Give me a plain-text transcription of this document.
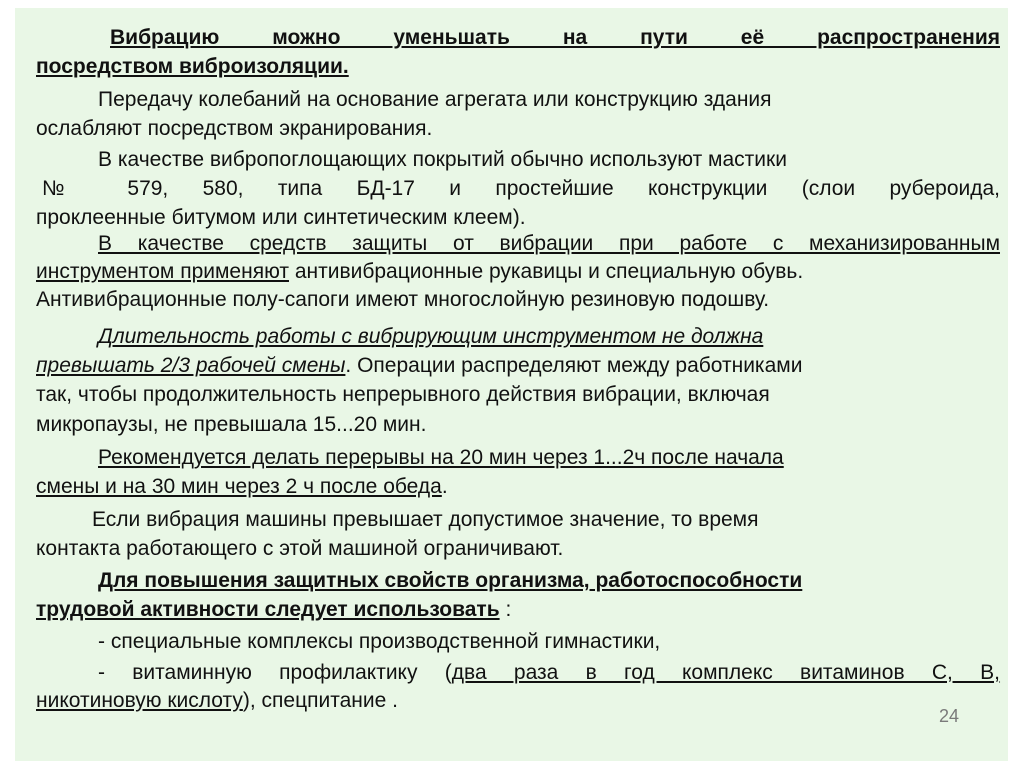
Вибрацию можно уменьшать на пути её распространения
посредством виброизоляции.
Передачу колебаний на основание агрегата или конструкцию здания
ослабляют посредством экранирования.
В качестве вибропоглощающих покрытий обычно используют мастики
№ 579, 580, типа БД-17 и простейшие конструкции (слои рубероида,
проклеенные битумом или синтетическим клеем).
В качестве средств защиты от вибрации при работе с механизированным
инструментом применяют антивибрационные рукавицы и специальную обувь.
Антивибрационные полу-сапоги имеют многослойную резиновую подошву.
Длительность работы с вибрирующим инструментом не должна
превышать 2/3 рабочей смены. Операции распределяют между работниками
так, чтобы продолжительность непрерывного действия вибрации, включая
микропаузы, не превышала 15...20 мин.
Рекомендуется делать перерывы на 20 мин через 1...2ч после начала
смены и на 30 мин через 2 ч после обеда.
Если вибрация машины превышает допустимое значение, то время
контакта работающего с этой машиной ограничивают.
Для повышения защитных свойств организма, работоспособности
трудовой активности следует использовать :
- специальные комплексы производственной гимнастики,
- витаминную профилактику (два раза в год комплекс витаминов С, В,
никотиновую кислоту), спецпитание .
24
